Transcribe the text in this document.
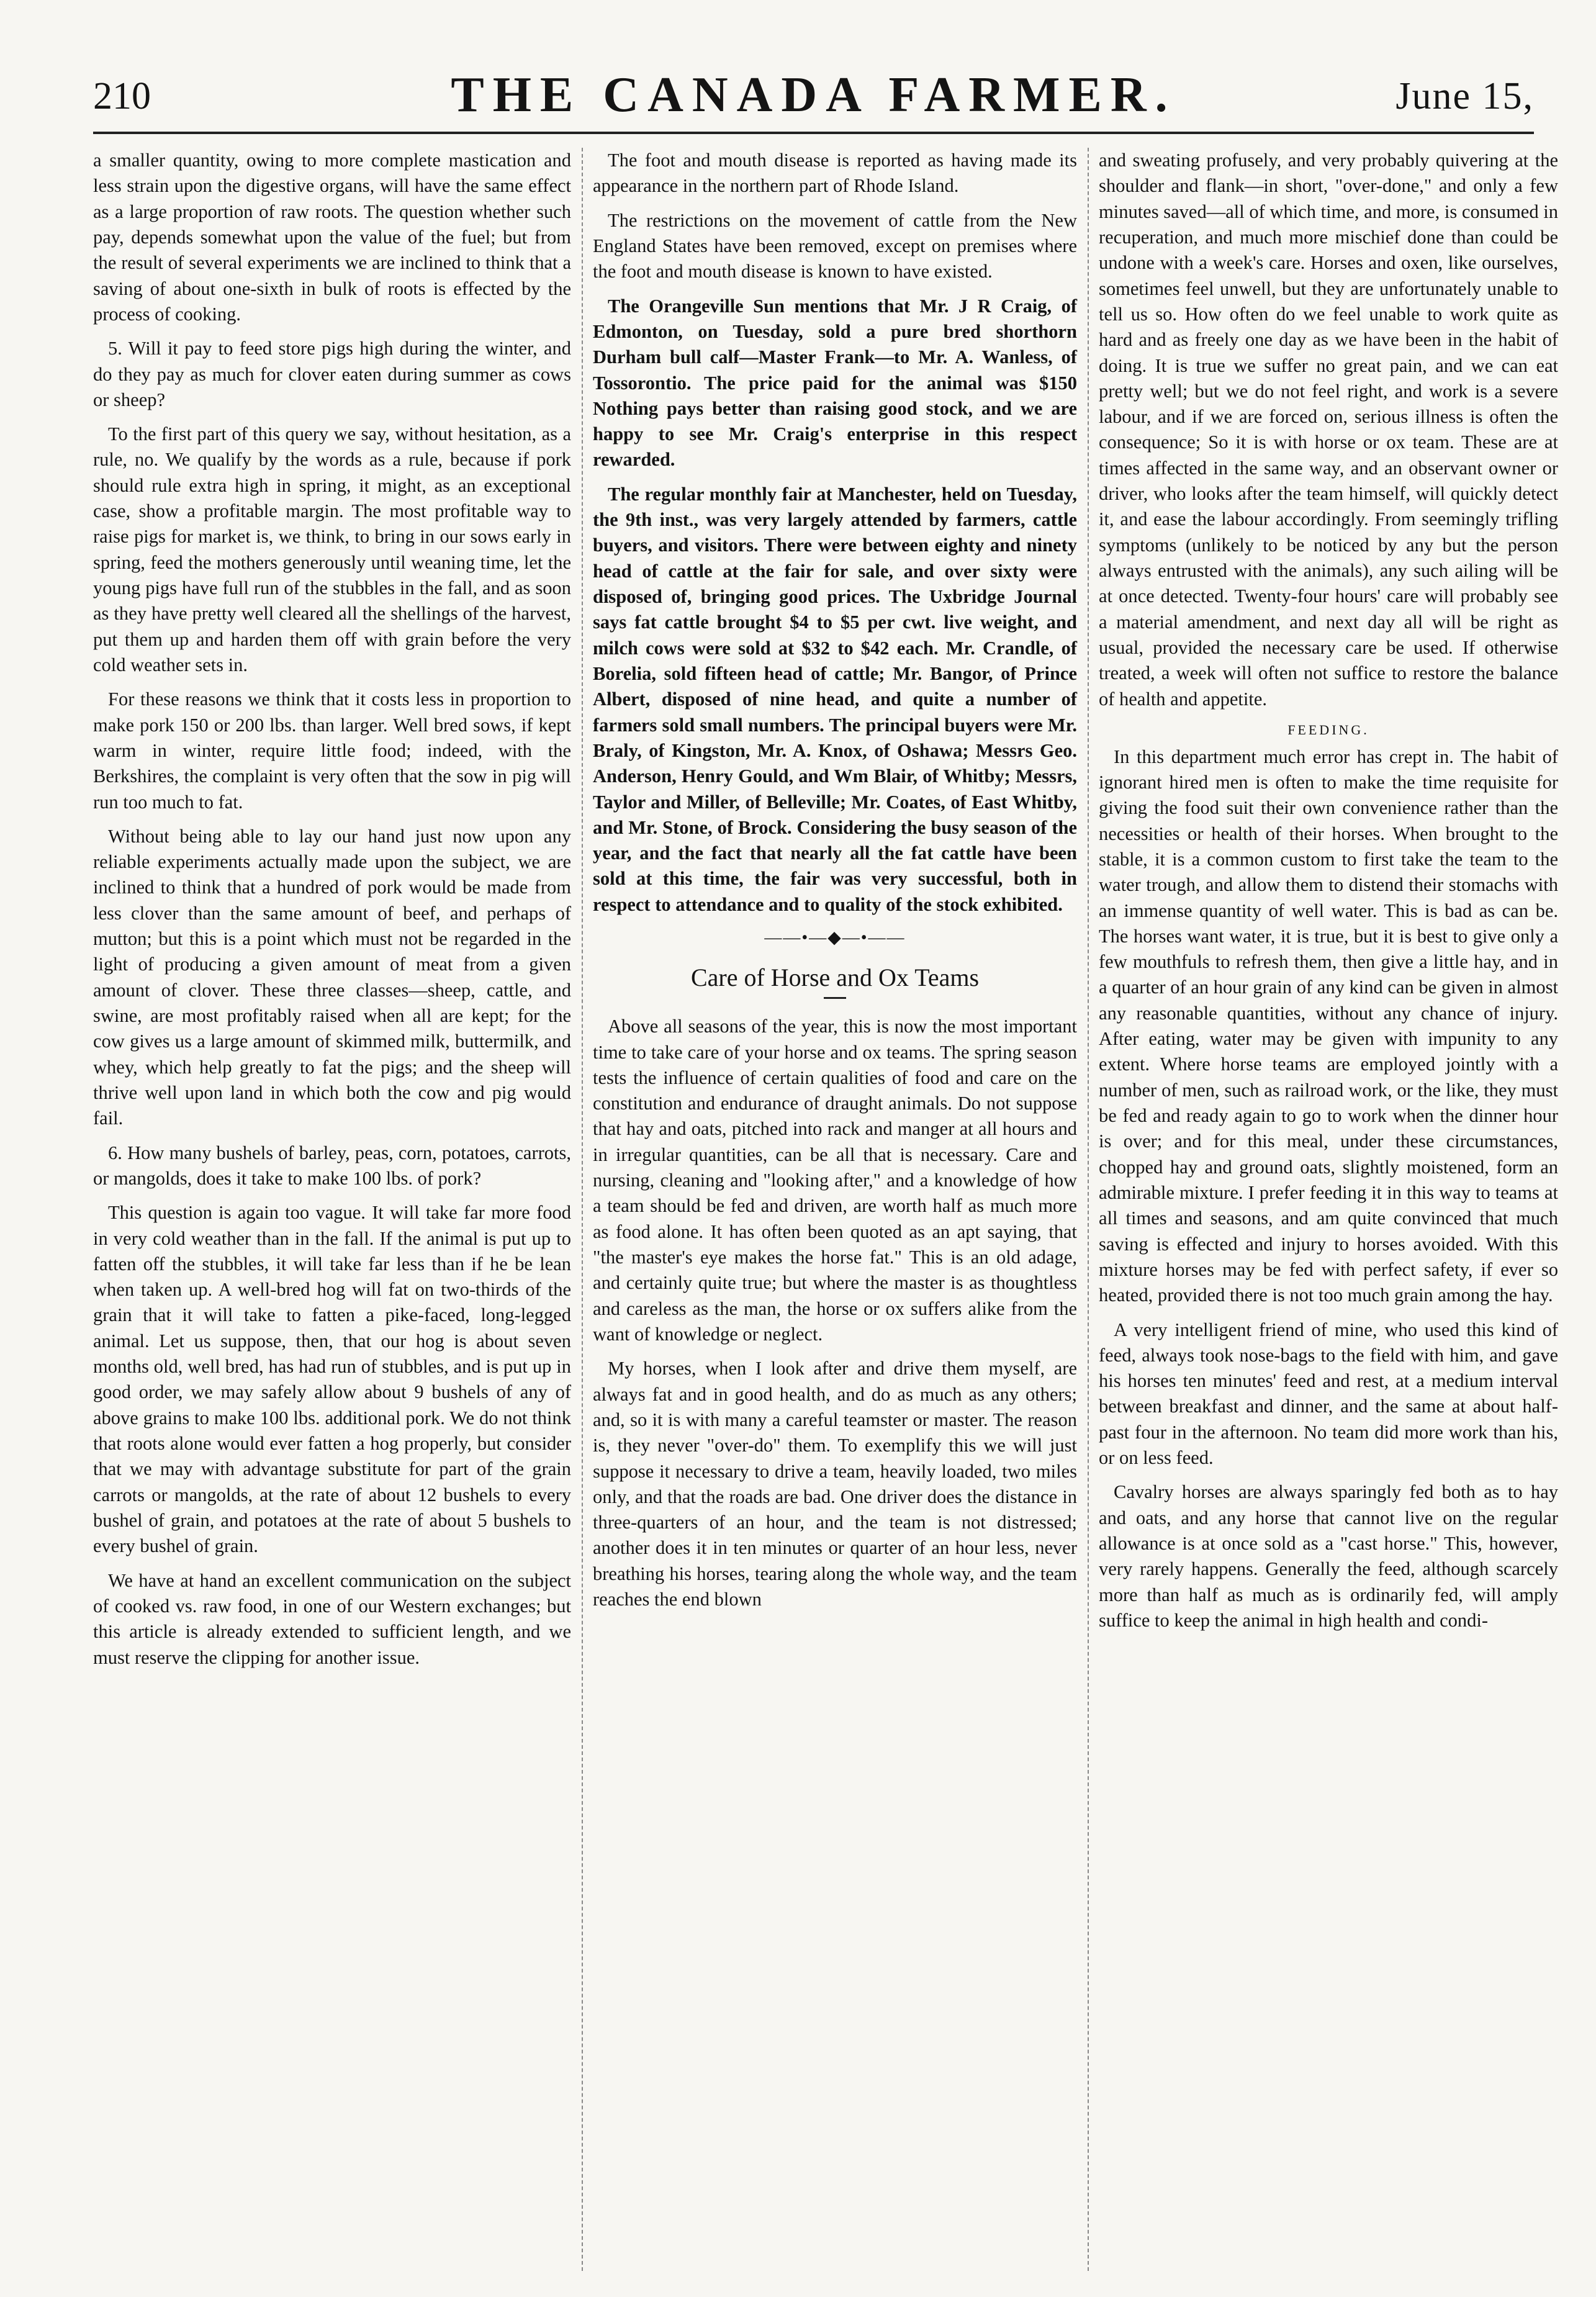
210	THE CANADA FARMER.	June 15,

a smaller quantity, owing to more complete mastication and less strain upon the digestive organs, will have the same effect as a large proportion of raw roots. The question whether such pay, depends somewhat upon the value of the fuel; but from the result of several experiments we are inclined to think that a saving of about one-sixth in bulk of roots is effected by the process of cooking.

5. Will it pay to feed store pigs high during the winter, and do they pay as much for clover eaten during summer as cows or sheep?

To the first part of this query we say, without hesitation, as a rule, no. We qualify by the words as a rule, because if pork should rule extra high in spring, it might, as an exceptional case, show a profitable margin. The most profitable way to raise pigs for market is, we think, to bring in our sows early in spring, feed the mothers generously until weaning time, let the young pigs have full run of the stubbles in the fall, and as soon as they have pretty well cleared all the shellings of the harvest, put them up and harden them off with grain before the very cold weather sets in.

For these reasons we think that it costs less in proportion to make pork 150 or 200 lbs. than larger. Well bred sows, if kept warm in winter, require little food; indeed, with the Berkshires, the complaint is very often that the sow in pig will run too much to fat.

Without being able to lay our hand just now upon any reliable experiments actually made upon the subject, we are inclined to think that a hundred of pork would be made from less clover than the same amount of beef, and perhaps of mutton; but this is a point which must not be regarded in the light of producing a given amount of meat from a given amount of clover. These three classes—sheep, cattle, and swine, are most profitably raised when all are kept; for the cow gives us a large amount of skimmed milk, buttermilk, and whey, which help greatly to fat the pigs; and the sheep will thrive well upon land in which both the cow and pig would fail.

6. How many bushels of barley, peas, corn, potatoes, carrots, or mangolds, does it take to make 100 lbs. of pork?

This question is again too vague. It will take far more food in very cold weather than in the fall. If the animal is put up to fatten off the stubbles, it will take far less than if he be lean when taken up. A well-bred hog will fat on two-thirds of the grain that it will take to fatten a pike-faced, long-legged animal. Let us suppose, then, that our hog is about seven months old, well bred, has had run of stubbles, and is put up in good order, we may safely allow about 9 bushels of any of above grains to make 100 lbs. additional pork. We do not think that roots alone would ever fatten a hog properly, but consider that we may with advantage substitute for part of the grain carrots or mangolds, at the rate of about 12 bushels to every bushel of grain, and potatoes at the rate of about 5 bushels to every bushel of grain.

We have at hand an excellent communication on the subject of cooked vs. raw food, in one of our Western exchanges; but this article is already extended to sufficient length, and we must reserve the clipping for another issue.

The foot and mouth disease is reported as having made its appearance in the northern part of Rhode Island.

The restrictions on the movement of cattle from the New England States have been removed, except on premises where the foot and mouth disease is known to have existed.

The Orangeville Sun mentions that Mr. J R Craig, of Edmonton, on Tuesday, sold a pure bred shorthorn Durham bull calf—Master Frank—to Mr. A. Wanless, of Tossorontio. The price paid for the animal was $150 Nothing pays better than raising good stock, and we are happy to see Mr. Craig's enterprise in this respect rewarded.

The regular monthly fair at Manchester, held on Tuesday, the 9th inst., was very largely attended by farmers, cattle buyers, and visitors. There were between eighty and ninety head of cattle at the fair for sale, and over sixty were disposed of, bringing good prices. The Uxbridge Journal says fat cattle brought $4 to $5 per cwt. live weight, and milch cows were sold at $32 to $42 each. Mr. Crandle, of Borelia, sold fifteen head of cattle; Mr. Bangor, of Prince Albert, disposed of nine head, and quite a number of farmers sold small numbers. The principal buyers were Mr. Braly, of Kingston, Mr. A. Knox, of Oshawa; Messrs Geo. Anderson, Henry Gould, and Wm Blair, of Whitby; Messrs, Taylor and Miller, of Belleville; Mr. Coates, of East Whitby, and Mr. Stone, of Brock. Considering the busy season of the year, and the fact that nearly all the fat cattle have been sold at this time, the fair was very successful, both in respect to attendance and to quality of the stock exhibited.

——•—◆—•——
Care of Horse and Ox Teams

Above all seasons of the year, this is now the most important time to take care of your horse and ox teams. The spring season tests the influence of certain qualities of food and care on the constitution and endurance of draught animals. Do not suppose that hay and oats, pitched into rack and manger at all hours and in irregular quantities, can be all that is necessary. Care and nursing, cleaning and "looking after," and a knowledge of how a team should be fed and driven, are worth half as much more as food alone. It has often been quoted as an apt saying, that "the master's eye makes the horse fat." This is an old adage, and certainly quite true; but where the master is as thoughtless and careless as the man, the horse or ox suffers alike from the want of knowledge or neglect.

My horses, when I look after and drive them myself, are always fat and in good health, and do as much as any others; and, so it is with many a careful teamster or master. The reason is, they never "over-do" them. To exemplify this we will just suppose it necessary to drive a team, heavily loaded, two miles only, and that the roads are bad. One driver does the distance in three-quarters of an hour, and the team is not distressed; another does it in ten minutes or quarter of an hour less, never breathing his horses, tearing along the whole way, and the team reaches the end blown

and sweating profusely, and very probably quivering at the shoulder and flank—in short, "over-done," and only a few minutes saved—all of which time, and more, is consumed in recuperation, and much more mischief done than could be undone with a week's care. Horses and oxen, like ourselves, sometimes feel unwell, but they are unfortunately unable to tell us so. How often do we feel unable to work quite as hard and as freely one day as we have been in the habit of doing. It is true we suffer no great pain, and we can eat pretty well; but we do not feel right, and work is a severe labour, and if we are forced on, serious illness is often the consequence; So it is with horse or ox team. These are at times affected in the same way, and an observant owner or driver, who looks after the team himself, will quickly detect it, and ease the labour accordingly. From seemingly trifling symptoms (unlikely to be noticed by any but the person always entrusted with the animals), any such ailing will be at once detected. Twenty-four hours' care will probably see a material amendment, and next day all will be right as usual, provided the necessary care be used. If otherwise treated, a week will often not suffice to restore the balance of health and appetite.

FEEDING.

In this department much error has crept in. The habit of ignorant hired men is often to make the time requisite for giving the food suit their own convenience rather than the necessities or health of their horses. When brought to the stable, it is a common custom to first take the team to the water trough, and allow them to distend their stomachs with an immense quantity of well water. This is bad as can be. The horses want water, it is true, but it is best to give only a few mouthfuls to refresh them, then give a little hay, and in a quarter of an hour grain of any kind can be given in almost any reasonable quantities, without any chance of injury. After eating, water may be given with impunity to any extent. Where horse teams are employed jointly with a number of men, such as railroad work, or the like, they must be fed and ready again to go to work when the dinner hour is over; and for this meal, under these circumstances, chopped hay and ground oats, slightly moistened, form an admirable mixture. I prefer feeding it in this way to teams at all times and seasons, and am quite convinced that much saving is effected and injury to horses avoided. With this mixture horses may be fed with perfect safety, if ever so heated, provided there is not too much grain among the hay.

A very intelligent friend of mine, who used this kind of feed, always took nose-bags to the field with him, and gave his horses ten minutes' feed and rest, at a medium interval between breakfast and dinner, and the same at about half-past four in the afternoon. No team did more work than his, or on less feed.

Cavalry horses are always sparingly fed both as to hay and oats, and any horse that cannot live on the regular allowance is at once sold as a "cast horse." This, however, very rarely happens. Generally the feed, although scarcely more than half as much as is ordinarily fed, will amply suffice to keep the animal in high health and condi-
